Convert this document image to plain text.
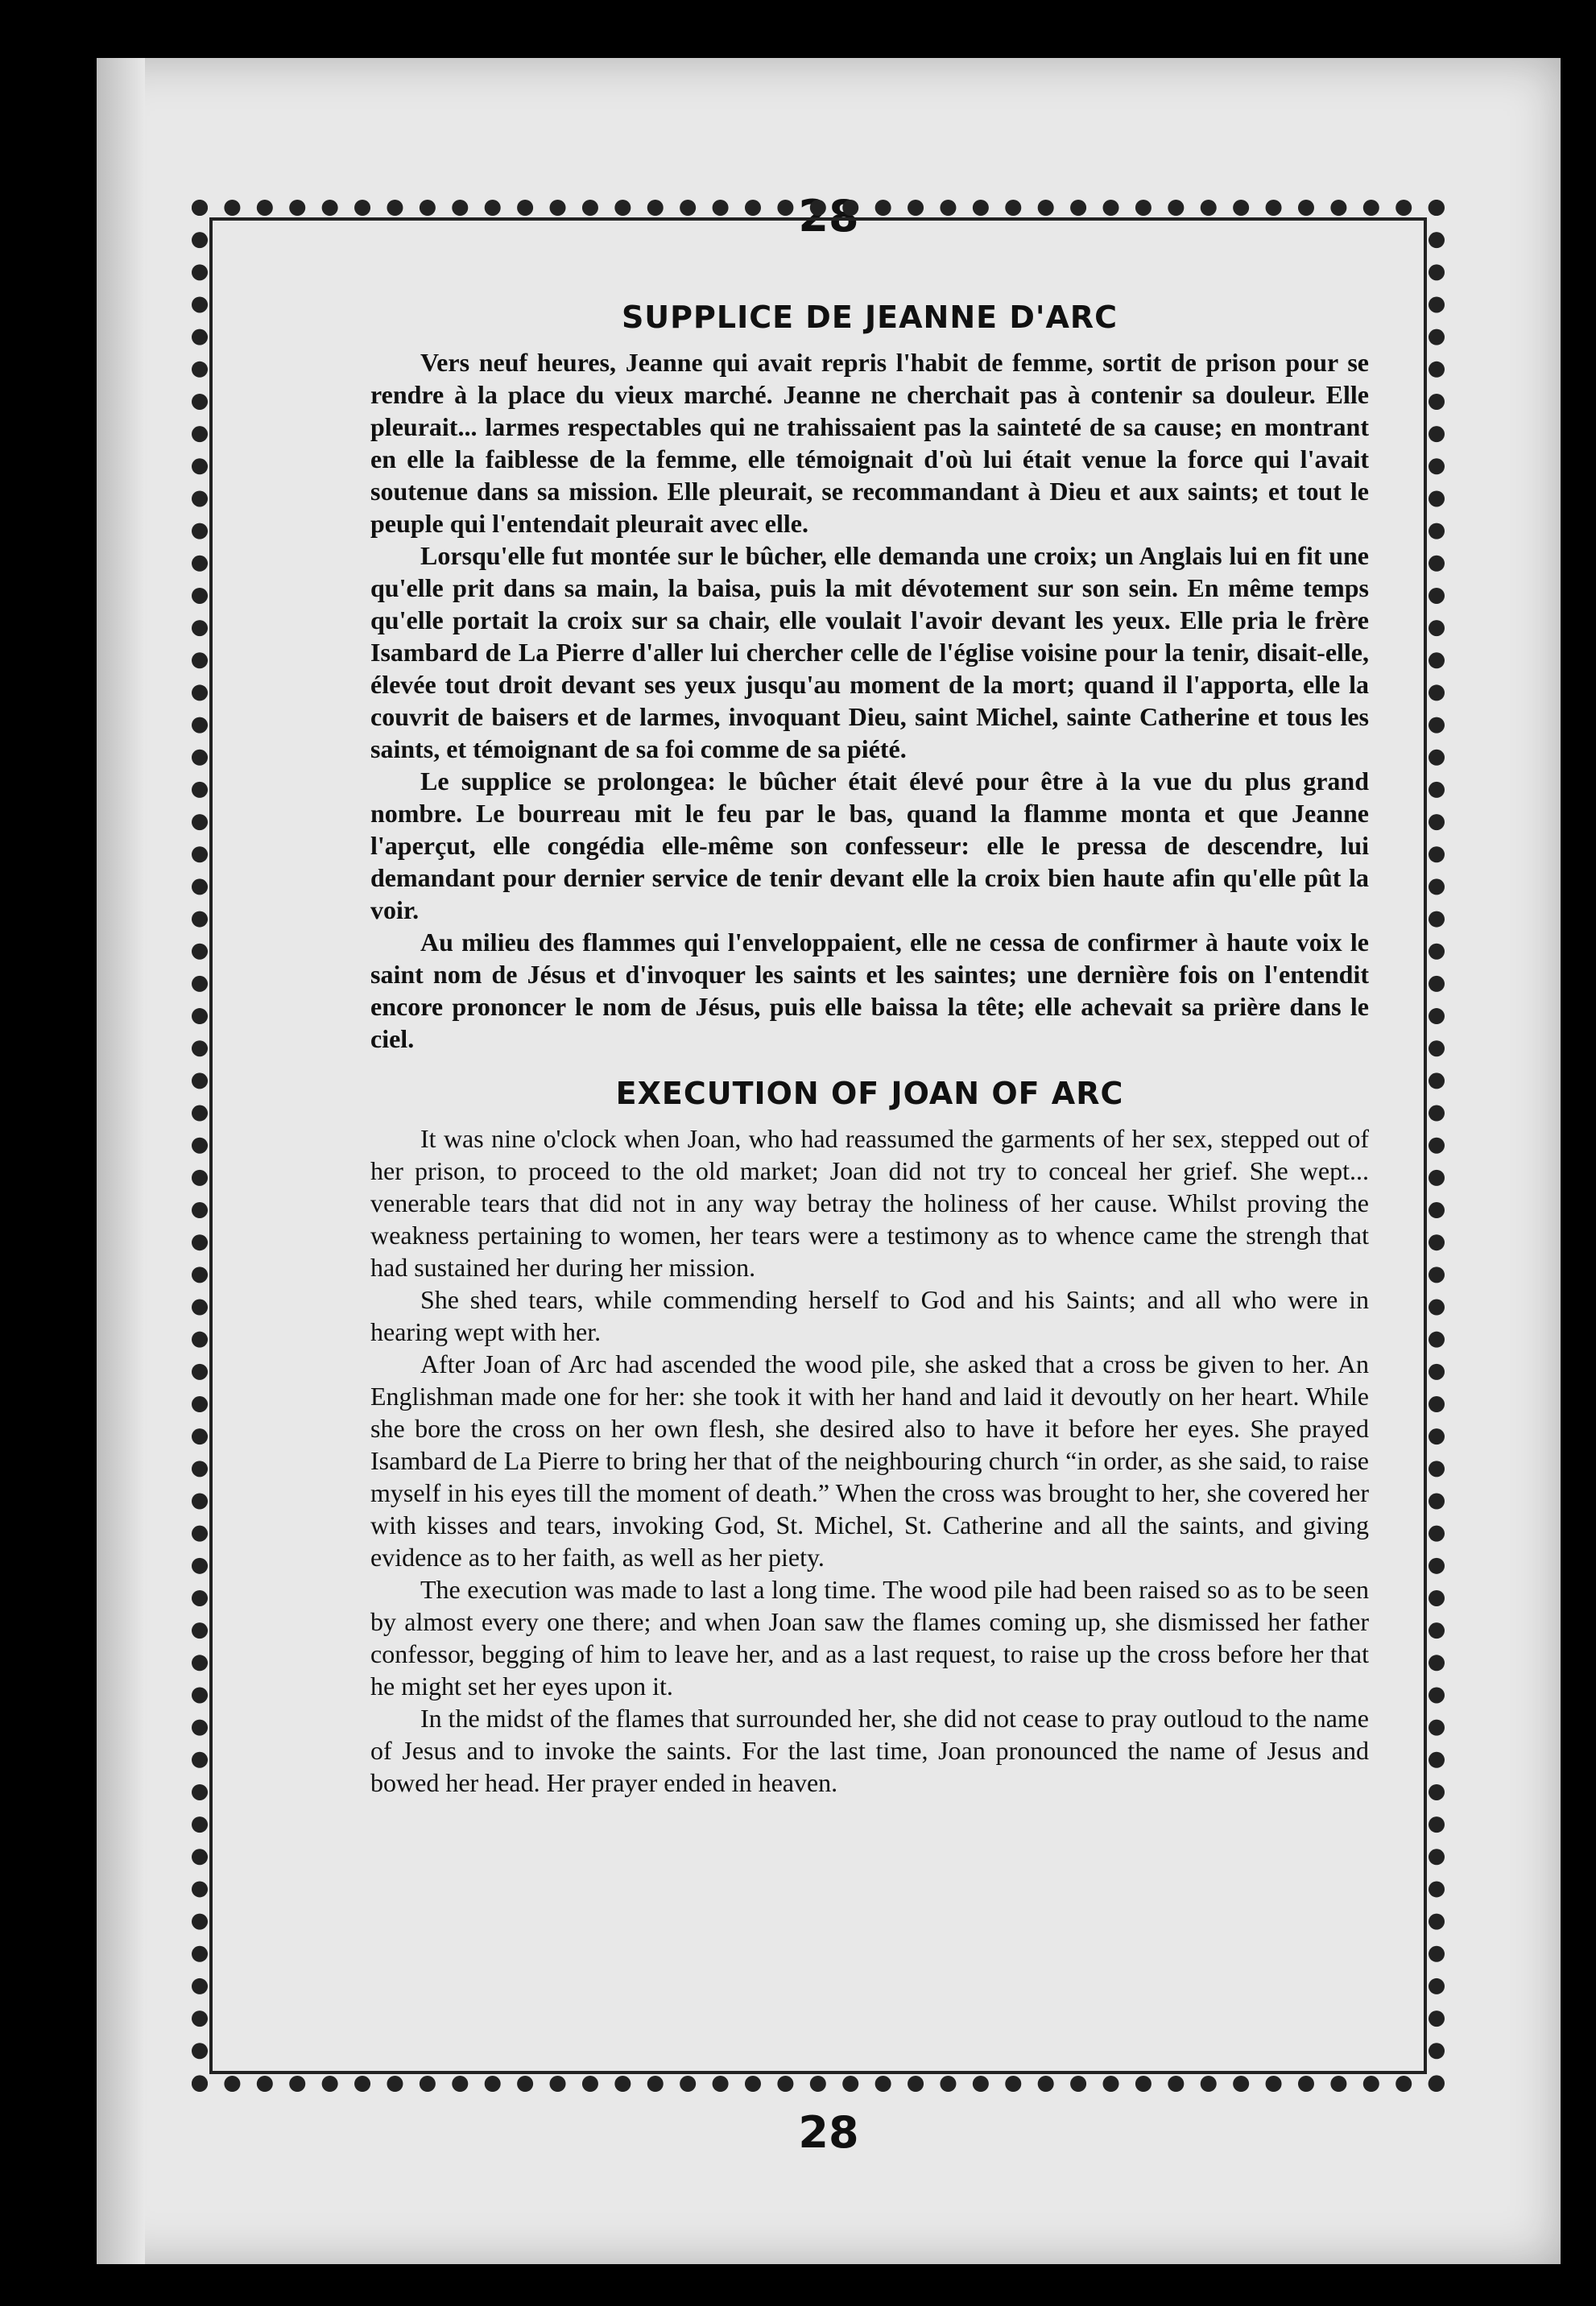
28
28
SUPPLICE DE JEANNE D'ARC

Vers neuf heures, Jeanne qui avait repris l'habit de femme, sortit de prison pour se rendre à la place du vieux marché. Jeanne ne cherchait pas à contenir sa douleur. Elle pleurait... larmes respectables qui ne trahissaient pas la sainteté de sa cause; en montrant en elle la faiblesse de la femme, elle témoignait d'où lui était venue la force qui l'avait soutenue dans sa mission. Elle pleurait, se recommandant à Dieu et aux saints; et tout le peuple qui l'entendait pleurait avec elle.

Lorsqu'elle fut montée sur le bûcher, elle demanda une croix; un Anglais lui en fit une qu'elle prit dans sa main, la baisa, puis la mit dévotement sur son sein. En même temps qu'elle portait la croix sur sa chair, elle voulait l'avoir devant les yeux. Elle pria le frère Isambard de La Pierre d'aller lui chercher celle de l'église voisine pour la tenir, disait-elle, élevée tout droit devant ses yeux jusqu'au moment de la mort; quand il l'apporta, elle la couvrit de baisers et de larmes, invoquant Dieu, saint Michel, sainte Catherine et tous les saints, et témoignant de sa foi comme de sa piété.

Le supplice se prolongea: le bûcher était élevé pour être à la vue du plus grand nombre. Le bourreau mit le feu par le bas, quand la flamme monta et que Jeanne l'aperçut, elle congédia elle-même son confesseur: elle le pressa de descendre, lui demandant pour dernier service de tenir devant elle la croix bien haute afin qu'elle pût la voir.

Au milieu des flammes qui l'enveloppaient, elle ne cessa de confirmer à haute voix le saint nom de Jésus et d'invoquer les saints et les saintes; une dernière fois on l'entendit encore prononcer le nom de Jésus, puis elle baissa la tête; elle achevait sa prière dans le ciel.

EXECUTION OF JOAN OF ARC

It was nine o'clock when Joan, who had reassumed the garments of her sex, stepped out of her prison, to proceed to the old market; Joan did not try to conceal her grief. She wept... venerable tears that did not in any way betray the holiness of her cause. Whilst proving the weakness pertaining to women, her tears were a testimony as to whence came the strengh that had sustained her during her mission.

She shed tears, while commending herself to God and his Saints; and all who were in hearing wept with her.

After Joan of Arc had ascended the wood pile, she asked that a cross be given to her. An Englishman made one for her: she took it with her hand and laid it devoutly on her heart. While she bore the cross on her own flesh, she desired also to have it before her eyes. She prayed Isambard de La Pierre to bring her that of the neighbouring church “in order, as she said, to raise myself in his eyes till the moment of death.” When the cross was brought to her, she covered her with kisses and tears, invoking God, St. Michel, St. Catherine and all the saints, and giving evidence as to her faith, as well as her piety.

The execution was made to last a long time. The wood pile had been raised so as to be seen by almost every one there; and when Joan saw the flames coming up, she dismissed her father confessor, begging of him to leave her, and as a last request, to raise up the cross before her that he might set her eyes upon it.

In the midst of the flames that surrounded her, she did not cease to pray outloud to the name of Jesus and to invoke the saints. For the last time, Joan pronounced the name of Jesus and bowed her head. Her prayer ended in heaven.
